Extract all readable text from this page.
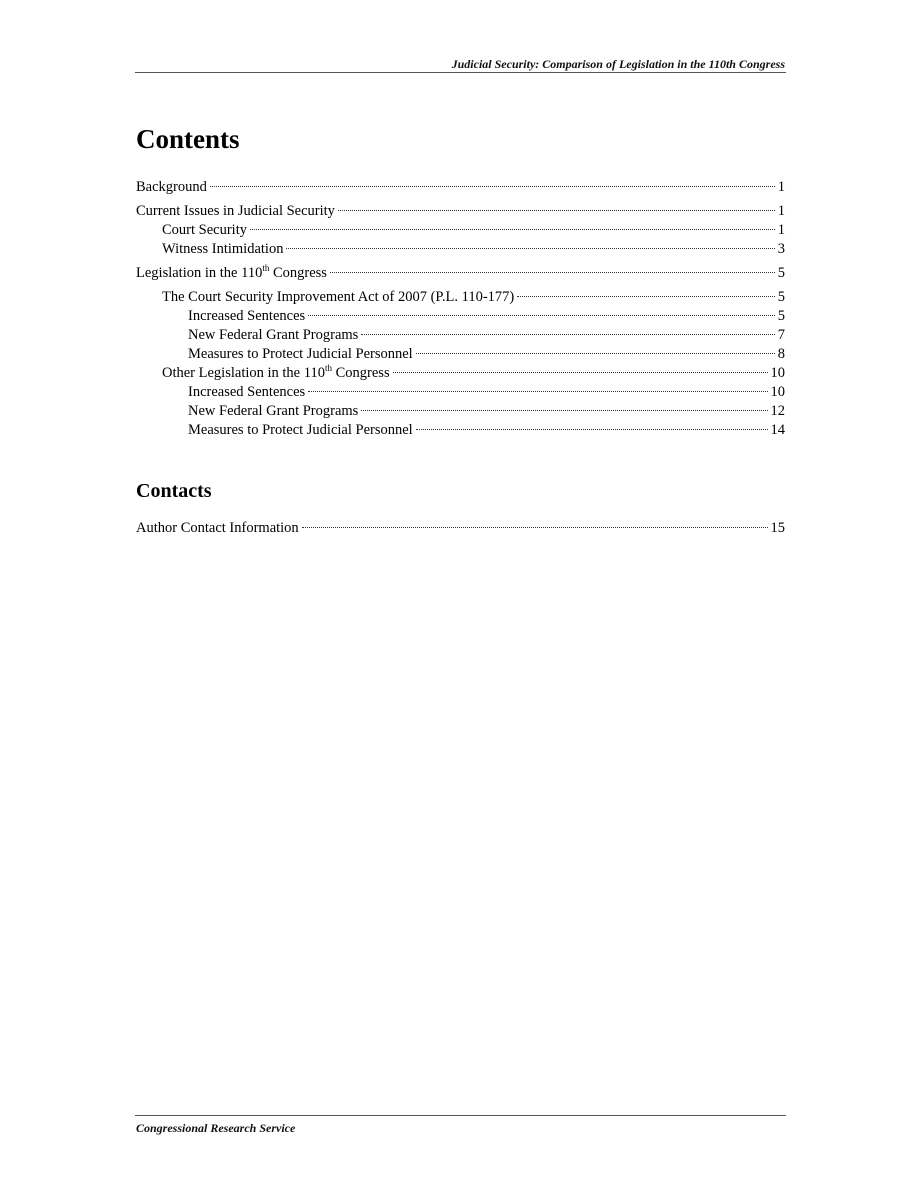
Judicial Security: Comparison of Legislation in the 110th Congress
Contents
Background	1
Current Issues in Judicial Security	1
Court Security	1
Witness Intimidation	3
Legislation in the 110th Congress	5
The Court Security Improvement Act of 2007 (P.L. 110-177)	5
Increased Sentences	5
New Federal Grant Programs	7
Measures to Protect Judicial Personnel	8
Other Legislation in the 110th Congress	10
Increased Sentences	10
New Federal Grant Programs	12
Measures to Protect Judicial Personnel	14
Contacts
Author Contact Information	15
Congressional Research Service
